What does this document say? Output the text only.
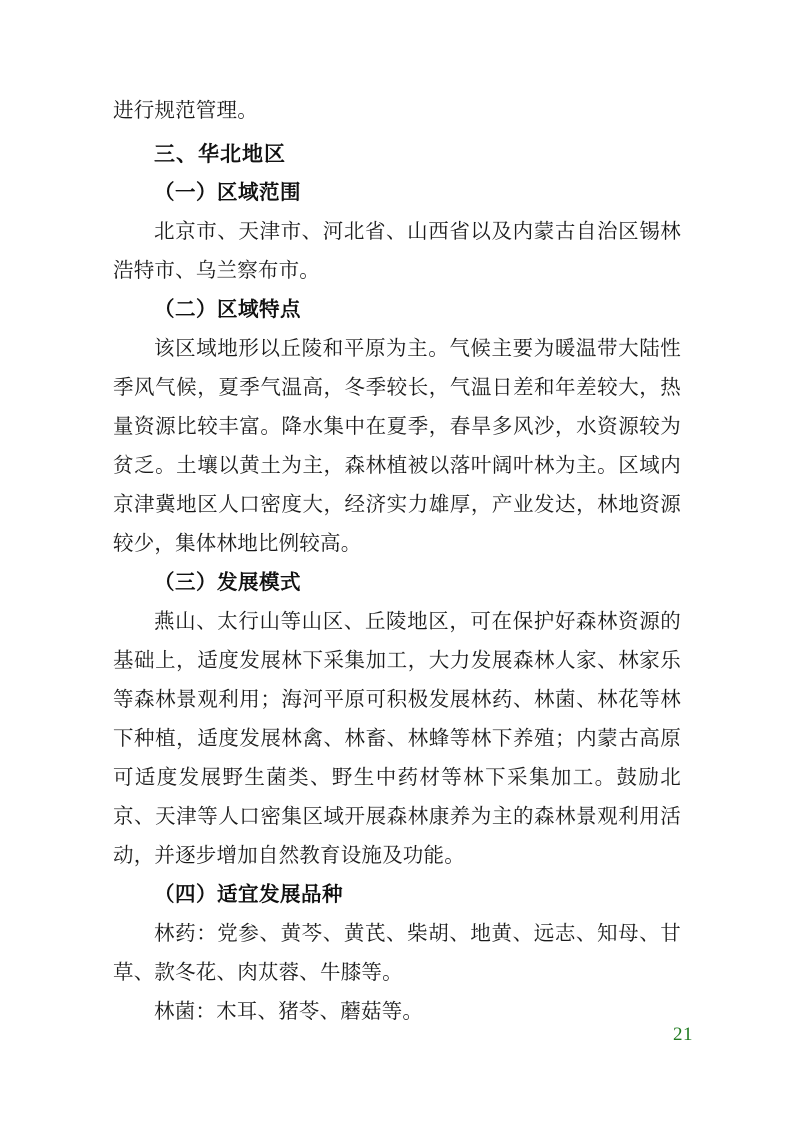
进行规范管理。

三、华北地区
（一）区域范围

北京市、天津市、河北省、山西省以及内蒙古自治区锡林浩特市、乌兰察布市。

（二）区域特点

该区域地形以丘陵和平原为主。气候主要为暖温带大陆性季风气候，夏季气温高，冬季较长，气温日差和年差较大，热量资源比较丰富。降水集中在夏季，春旱多风沙，水资源较为贫乏。土壤以黄土为主，森林植被以落叶阔叶林为主。区域内京津冀地区人口密度大，经济实力雄厚，产业发达，林地资源较少，集体林地比例较高。

（三）发展模式

燕山、太行山等山区、丘陵地区，可在保护好森林资源的基础上，适度发展林下采集加工，大力发展森林人家、林家乐等森林景观利用；海河平原可积极发展林药、林菌、林花等林下种植，适度发展林禽、林畜、林蜂等林下养殖；内蒙古高原可适度发展野生菌类、野生中药材等林下采集加工。鼓励北京、天津等人口密集区域开展森林康养为主的森林景观利用活动，并逐步增加自然教育设施及功能。

（四）适宜发展品种

林药：党参、黄芩、黄芪、柴胡、地黄、远志、知母、甘草、款冬花、肉苁蓉、牛膝等。

林菌：木耳、猪苓、蘑菇等。

21
